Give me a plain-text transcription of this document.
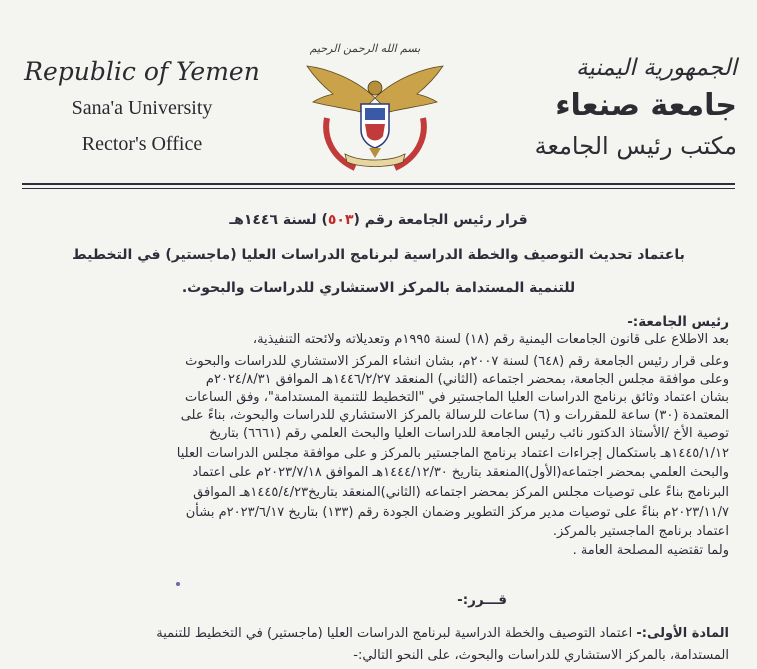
Republic of Yemen
Sana'a University
Rector's Office
بسم الله الرحمن الرحيم
الجمهورية اليمنية
جامعة صنعاء
مكتب رئيس الجامعة
قرار رئيس الجامعة رقم (٥٠٣) لسنة ١٤٤٦هـ
باعتماد تحديث التوصيف والخطة الدراسية لبرنامج الدراسات العليا (ماجستير) في التخطيط
للتنمية المستدامة بالمركز الاستشاري للدراسات والبحوث.
رئيس الجامعة:-
بعد الاطلاع على قانون الجامعات اليمنية رقم (١٨) لسنة ١٩٩٥م وتعديلاته ولائحته التنفيذية،
وعلى قرار رئيس الجامعة رقم (٦٤٨) لسنة ٢٠٠٧م، بشان انشاء المركز الاستشاري للدراسات والبحوث
وعلى موافقة مجلس الجامعة، بمحضر اجتماعه (الثاني) المنعقد ١٤٤٦/٢/٢٧هـ الموافق ٢٠٢٤/٨/٣١م
بشان اعتماد وثائق برنامج الدراسات العليا الماجستير في "التخطيط للتنمية المستدامة"، وفق الساعات
المعتمدة (٣٠) ساعة للمقررات و (٦) ساعات للرسالة بالمركز الاستشاري للدراسات والبحوث، بناءً على
توصية الأخ /الأستاذ الدكتور نائب رئيس الجامعة للدراسات العليا والبحث العلمي رقم (٦٦٦١) بتاريخ
١٤٤٥/١/١٢هـ باستكمال إجراءات اعتماد برنامج الماجستير بالمركز و على موافقة مجلس الدراسات العليا
والبحث العلمي بمحضر اجتماعه(الأول)المنعقد بتاريخ ١٤٤٤/١٢/٣٠هـ الموافق ٢٠٢٣/٧/١٨م على اعتماد
البرنامج بناءً على توصيات مجلس المركز بمحضر اجتماعه (الثاني)المنعقد بتاريخ١٤٤٥/٤/٢٣هـ الموافق
٢٠٢٣/١١/٧م بناءً على توصيات مدير مركز التطوير وضمان الجودة رقم (١٣٣) بتاريخ ٢٠٢٣/٦/١٧م بشأن
اعتماد برنامج الماجستير بالمركز.
ولما تقتضيه المصلحة العامة .
قـــرر:-
المادة الأولى:- اعتماد التوصيف والخطة الدراسية لبرنامج الدراسات العليا (ماجستير) في التخطيط للتنمية
المستدامة، بالمركز الاستشاري للدراسات والبحوث، على النحو التالي:-
